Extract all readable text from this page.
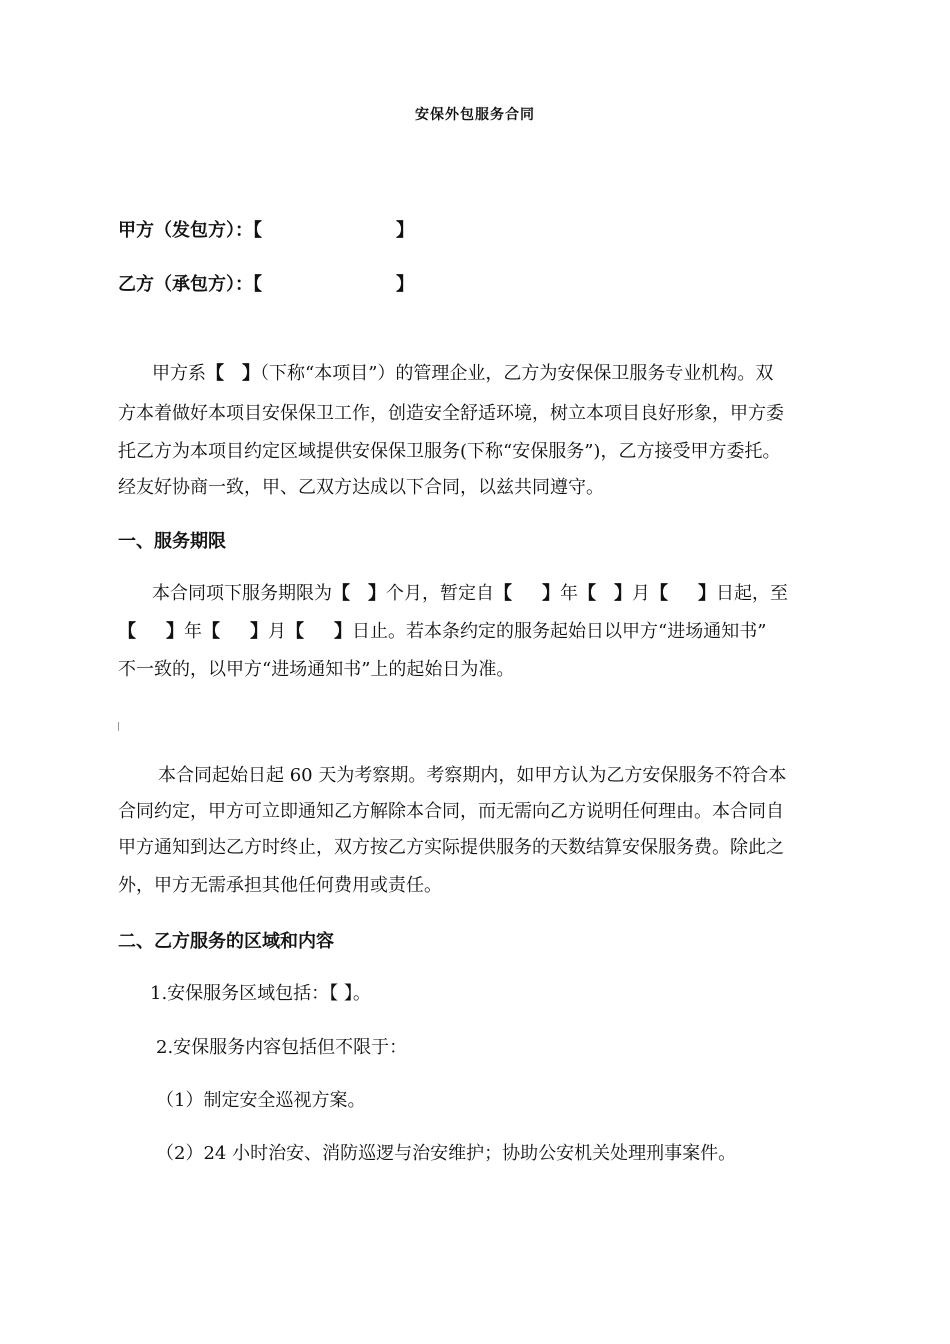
安保外包服务合同
甲方（发包方）：【	】
乙方（承包方）：【	】
甲方系【 】（下称“本项目”）的管理企业，乙方为安保保卫服务专业机构。双
方本着做好本项目安保保卫工作，创造安全舒适环境，树立本项目良好形象，甲方委
托乙方为本项目约定区域提供安保保卫服务(下称“安保服务”)，乙方接受甲方委托。
经友好协商一致，甲、乙双方达成以下合同，以兹共同遵守。
一、服务期限
本合同项下服务期限为【 】个月，暂定自【 】年【 】月【 】日起，至
【 】年【 】月【 】日止。若本条约定的服务起始日以甲方“进场通知书”
不一致的，以甲方“进场通知书”上的起始日为准。
本合同起始日起 60 天为考察期。考察期内，如甲方认为乙方安保服务不符合本
合同约定，甲方可立即通知乙方解除本合同，而无需向乙方说明任何理由。本合同自
甲方通知到达乙方时终止，双方按乙方实际提供服务的天数结算安保服务费。除此之
外，甲方无需承担其他任何费用或责任。
二、乙方服务的区域和内容
1.安保服务区域包括：【 】。
2.安保服务内容包括但不限于：
（1）制定安全巡视方案。
（2）24 小时治安、消防巡逻与治安维护；协助公安机关处理刑事案件。
